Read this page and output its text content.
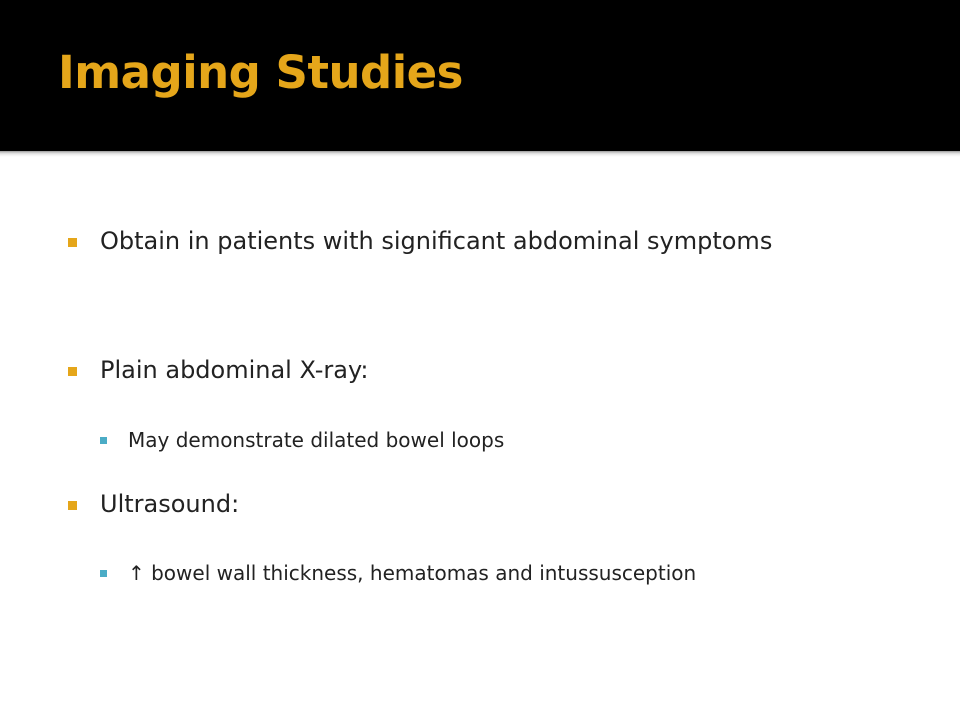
Imaging Studies
Obtain in patients with significant abdominal symptoms
Plain abdominal X-ray:
May demonstrate dilated bowel loops
Ultrasound:
↑ bowel wall thickness, hematomas and intussusception
